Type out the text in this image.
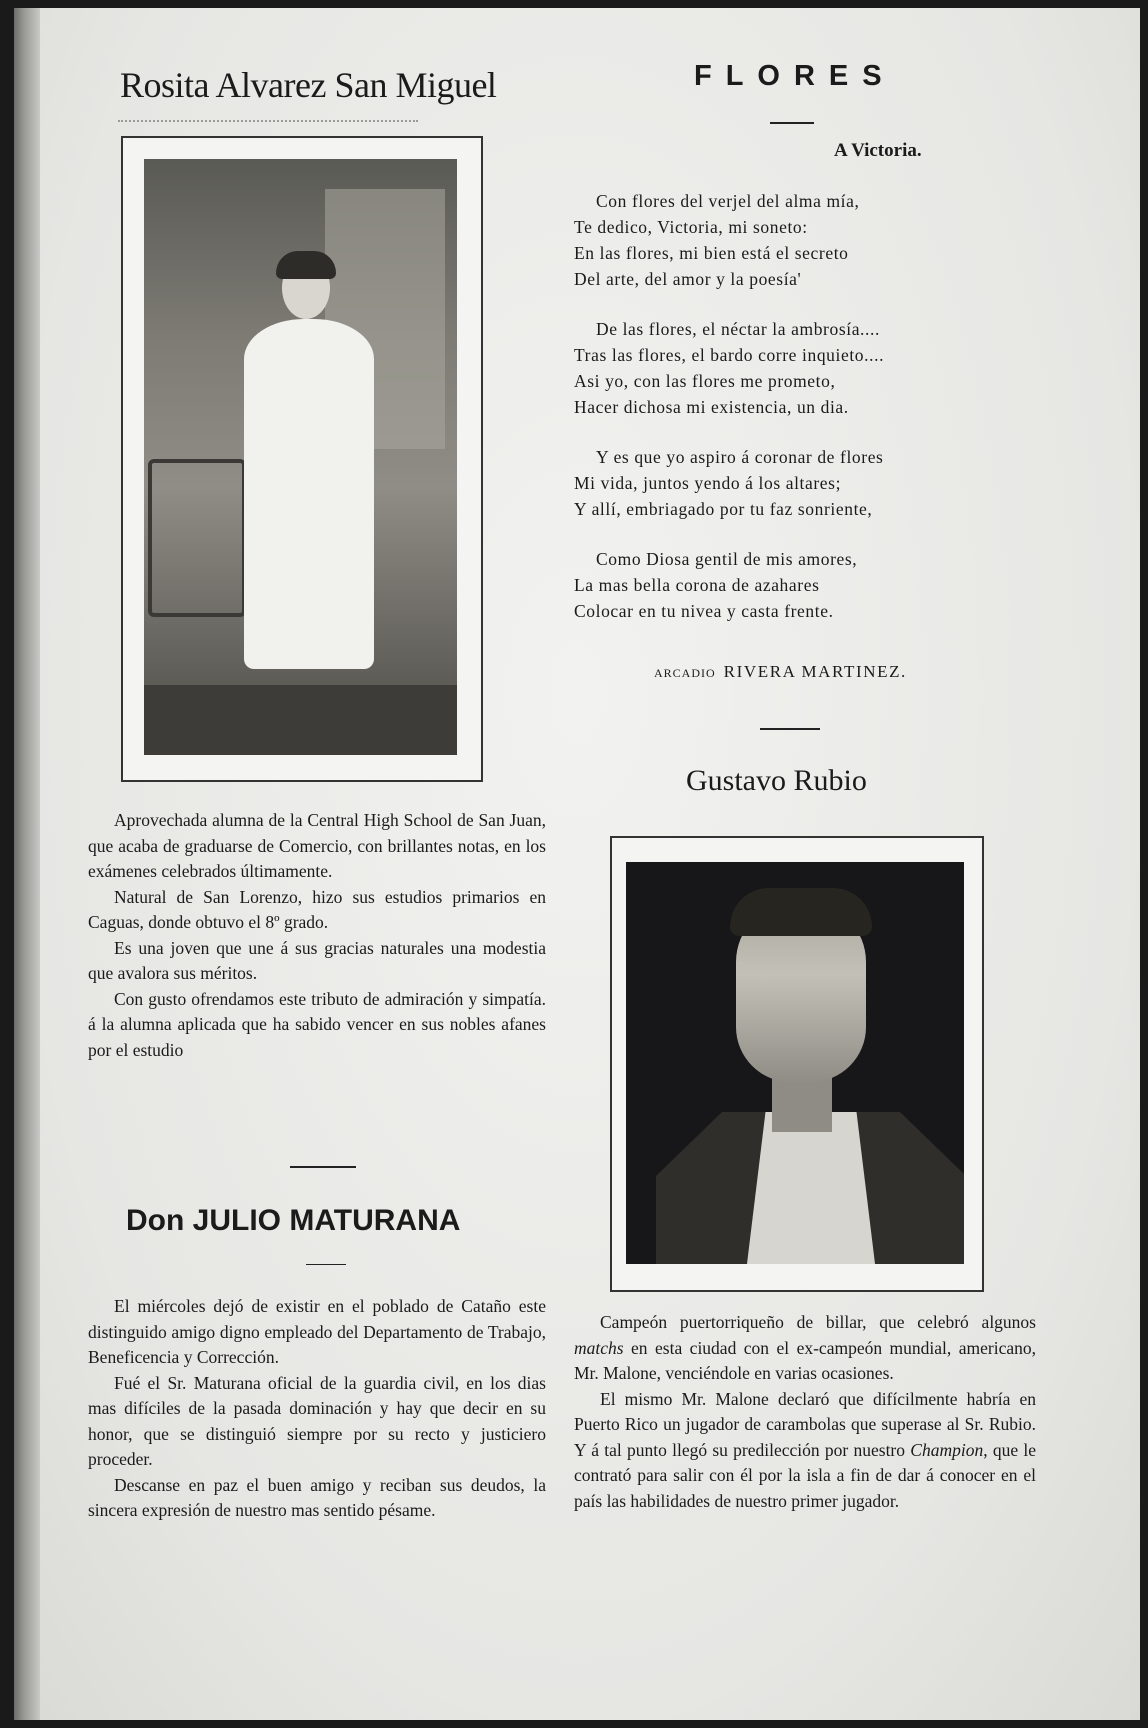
Rosita Alvarez San Miguel

Aprovechada alumna de la Central High School de San Juan, que acaba de graduarse de Comercio, con brillantes notas, en los exámenes celebrados últimamente.

Natural de San Lorenzo, hizo sus estudios primarios en Caguas, donde obtuvo el 8º grado.

Es una joven que une á sus gracias naturales una modestia que avalora sus méritos.

Con gusto ofrendamos este tributo de admiración y simpatía. á la alumna aplicada que ha sabido vencer en sus nobles afanes por el estudio

Don JULIO MATURANA

El miércoles dejó de existir en el poblado de Cataño este distinguido amigo digno empleado del Departamento de Trabajo, Beneficencia y Corrección.

Fué el Sr. Maturana oficial de la guardia civil, en los dias mas difíciles de la pasada dominación y hay que decir en su honor, que se distinguió siempre por su recto y justiciero proceder.

Descanse en paz el buen amigo y reciban sus deudos, la sincera expresión de nuestro mas sentido pésame.

FLORES

A Victoria.

Con flores del verjel del alma mía,
Te dedico, Victoria, mi soneto:
En las flores, mi bien está el secreto
Del arte, del amor y la poesía'
De las flores, el néctar la ambrosía....
Tras las flores, el bardo corre inquieto....
Asi yo, con las flores me prometo,
Hacer dichosa mi existencia, un dia.
Y es que yo aspiro á coronar de flores
Mi vida, juntos yendo á los altares;
Y allí, embriagado por tu faz sonriente,
Como Diosa gentil de mis amores,
La mas bella corona de azahares
Colocar en tu nivea y casta frente.

ARCADIO RIVERA MARTINEZ.

Gustavo Rubio

Campeón puertorriqueño de billar, que celebró algunos matchs en esta ciudad con el ex-campeón mundial, americano, Mr. Malone, venciéndole en varias ocasiones.

El mismo Mr. Malone declaró que difícilmente habría en Puerto Rico un jugador de carambolas que superase al Sr. Rubio. Y á tal punto llegó su predilección por nuestro Champion, que le contrató para salir con él por la isla a fin de dar á conocer en el país las habilidades de nuestro primer jugador.
